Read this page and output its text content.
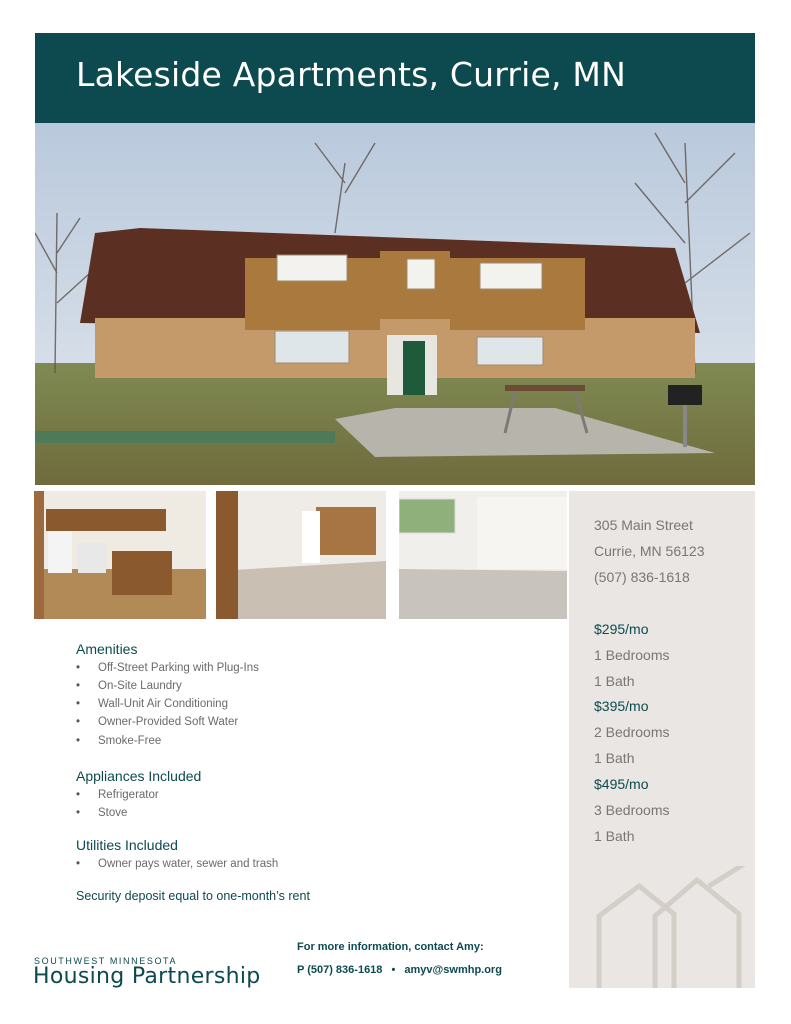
Lakeside Apartments, Currie, MN
305 Main Street
Currie, MN 56123
(507) 836-1618
$295/mo
1 Bedrooms
1 Bath
$395/mo
2 Bedrooms
1 Bath
$495/mo
3 Bedrooms
1 Bath
Amenities
• Off-Street Parking with Plug-Ins
• On-Site Laundry
• Wall-Unit Air Conditioning
• Owner-Provided Soft Water
• Smoke-Free
Appliances Included
• Refrigerator
• Stove
Utilities Included
• Owner pays water, sewer and trash
Security deposit equal to one-month’s rent
SOUTHWEST MINNESOTA
Housing Partnership
For more information, contact Amy:
P (507) 836-1618 • amyv@swmhp.org
